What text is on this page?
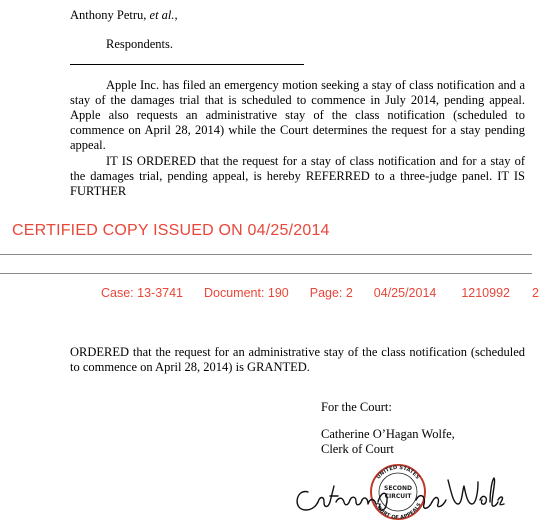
Anthony Petru, et al.,
Respondents.
Apple Inc. has filed an emergency motion seeking a stay of class notification and a stay of the damages trial that is scheduled to commence in July 2014, pending appeal. Apple also requests an administrative stay of the class notification (scheduled to commence on April 28, 2014) while the Court determines the request for a stay pending appeal.
IT IS ORDERED that the request for a stay of class notification and for a stay of the damages trial, pending appeal, is hereby REFERRED to a three-judge panel. IT IS FURTHER
CERTIFIED COPY ISSUED ON 04/25/2014
Case: 13-3741 Document: 190 Page: 2 04/25/2014 1210992 2
ORDERED that the request for an administrative stay of the class notification (scheduled to commence on April 28, 2014) is GRANTED.
For the Court:
Catherine O’Hagan Wolfe,
Clerk of Court
UNITED STATES
COURT OF APPEALS
SECOND
CIRCUIT
